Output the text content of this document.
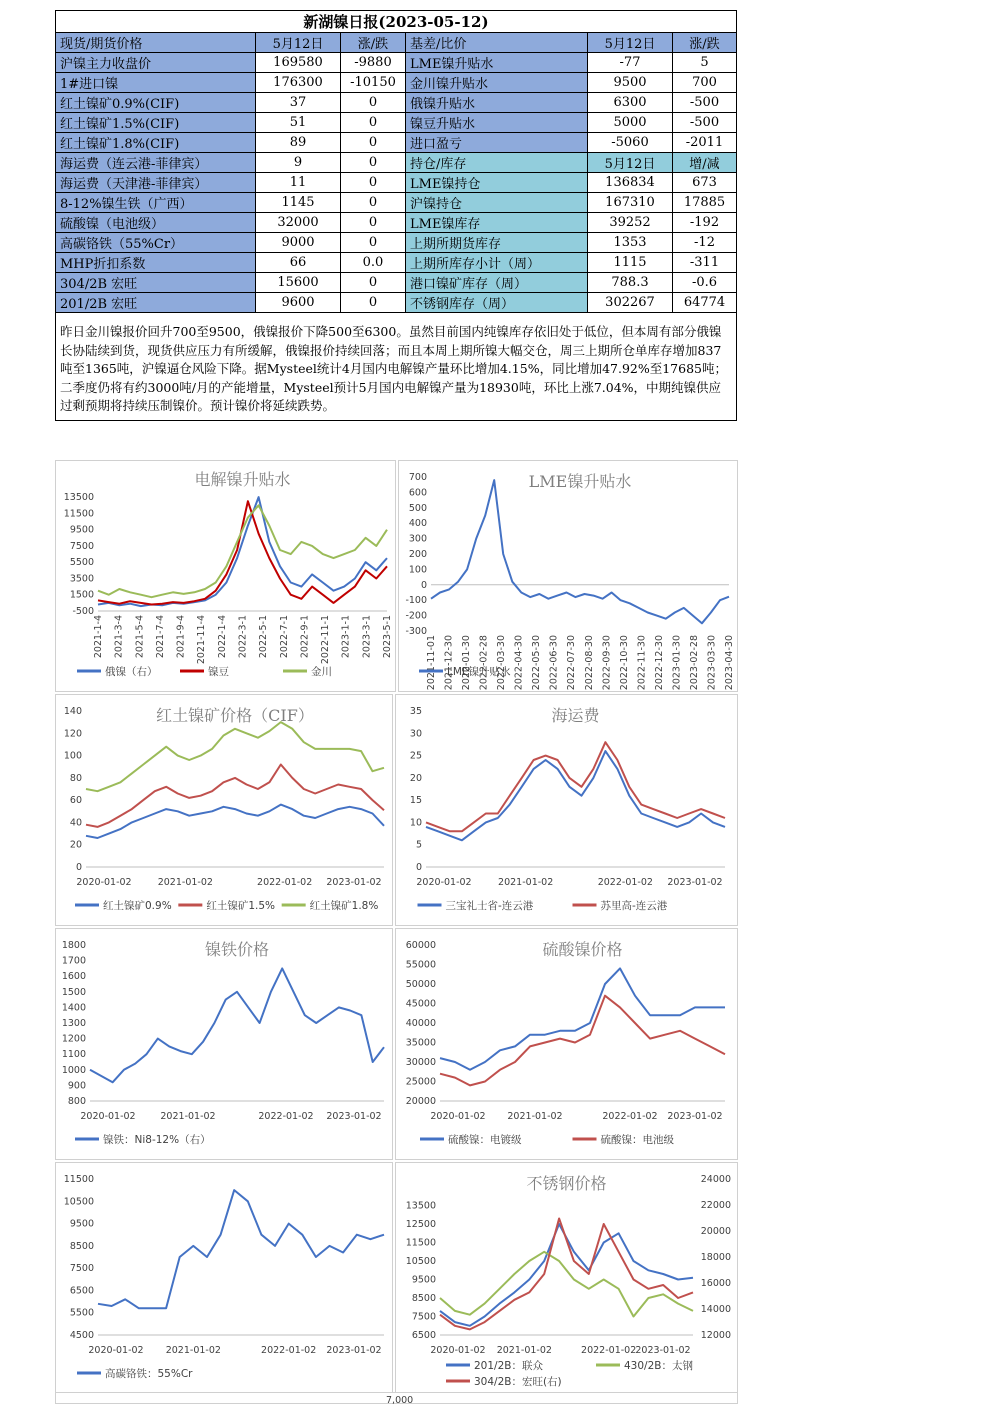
新湖镍日报(2023-05-12)					
现货/期货价格	5月12日	涨/跌	基差/比价	5月12日	涨/跌
沪镍主力收盘价	169580	-9880	LME镍升贴水	-77	5
1#进口镍	176300	-10150	金川镍升贴水	9500	700
红土镍矿0.9%(CIF)	37	0	俄镍升贴水	6300	-500
红土镍矿1.5%(CIF)	51	0	镍豆升贴水	5000	-500
红土镍矿1.8%(CIF)	89	0	进口盈亏	-5060	-2011
海运费（连云港-菲律宾）	9	0	持仓/库存	5月12日	增/减
海运费（天津港-菲律宾）	11	0	LME镍持仓	136834	673
8-12%镍生铁（广西）	1145	0	沪镍持仓	167310	17885
硫酸镍（电池级）	32000	0	LME镍库存	39252	-192
高碳铬铁（55%Cr）	9000	0	上期所期货库存	1353	-12
MHP折扣系数	66	0.0	上期所库存小计（周）	1115	-311
304/2B 宏旺	15600	0	港口镍矿库存（周）	788.3	-0.6
201/2B 宏旺	9600	0	不锈钢库存（周）	302267	64774
昨日金川镍报价回升700至9500，俄镍报价下降500至6300。虽然目前国内纯镍库存依旧处于低位，但本周有部分俄镍长协陆续到货，现货供应压力有所缓解，俄镍报价持续回落；而且本周上期所镍大幅交仓，周三上期所仓单库存增加837吨至1365吨，沪镍逼仓风险下降。据Mysteel统计4月国内电解镍产量环比增加4.15%，同比增加47.92%至17685吨；二季度仍将有约3000吨/月的产能增量，Mysteel预计5月国内电解镍产量为18930吨，环比上涨7.04%，中期纯镍供应过剩预期将持续压制镍价。预计镍价将延续跌势。					
电解镍升贴水
13500
11500
9500
7500
5500
3500
1500
-500
2021-1-4 2021-3-4 2021-5-4 2021-7-4 2021-9-4 2021-11-4 2022-1-4 2022-3-1 2022-5-1 2022-7-1 2022-9-1 2022-11-1 2023-1-1 2023-3-1 2023-5-1
俄镍（右）	镍豆	金川
LME镍升贴水
700
600
500
400
300
200
100
0
-100
-200
-300
2021-11-01 2021-12-30 2022-01-30 2022-02-28 2022-03-30 2022-04-30 2022-05-30 2022-06-30 2022-07-30 2022-08-30 2022-09-30 2022-10-30 2022-11-30 2022-12-30 2023-01-30 2023-02-28 2023-03-30 2023-04-30
LME镍升贴水
红土镍矿价格（CIF）
140
120
100
80
60
40
20
0
2020-01-02	2021-01-02	2022-01-02 2023-01-02
红土镍矿0.9%	红土镍矿1.5%	红土镍矿1.8%
海运费
35
30
25
20
15
10
5
0
2020-01-02	2021-01-02	2022-01-02 2023-01-02
三宝礼士省-连云港	苏里高-连云港
镍铁价格
1800
1700
1600
1500
1400
1300
1200
1100
1000
900
800
2020-01-02	2021-01-02	2022-01-02 2023-01-02
镍铁：Ni8-12%（右）
硫酸镍价格
60000
55000
50000
45000
40000
35000
30000
25000
20000
2020-01-02 2021-01-02	2022-01-02 2023-01-02
硫酸镍：电镀级	硫酸镍：电池级
11500
10500
9500
8500
7500
6500
5500
4500
2020-01-02 2021-01-02	2022-01-02 2023-01-02
高碳铬铁：55%Cr
不锈钢价格
13500
12500
11500
10500
9500
8500
7500
6500
24000
22000
20000
18000
16000
14000
12000
2020-01-02 2021-01-02	2022-01-02 2023-01-02
201/2B：联众	430/2B：太钢
304/2B：宏旺(右)
7,000
